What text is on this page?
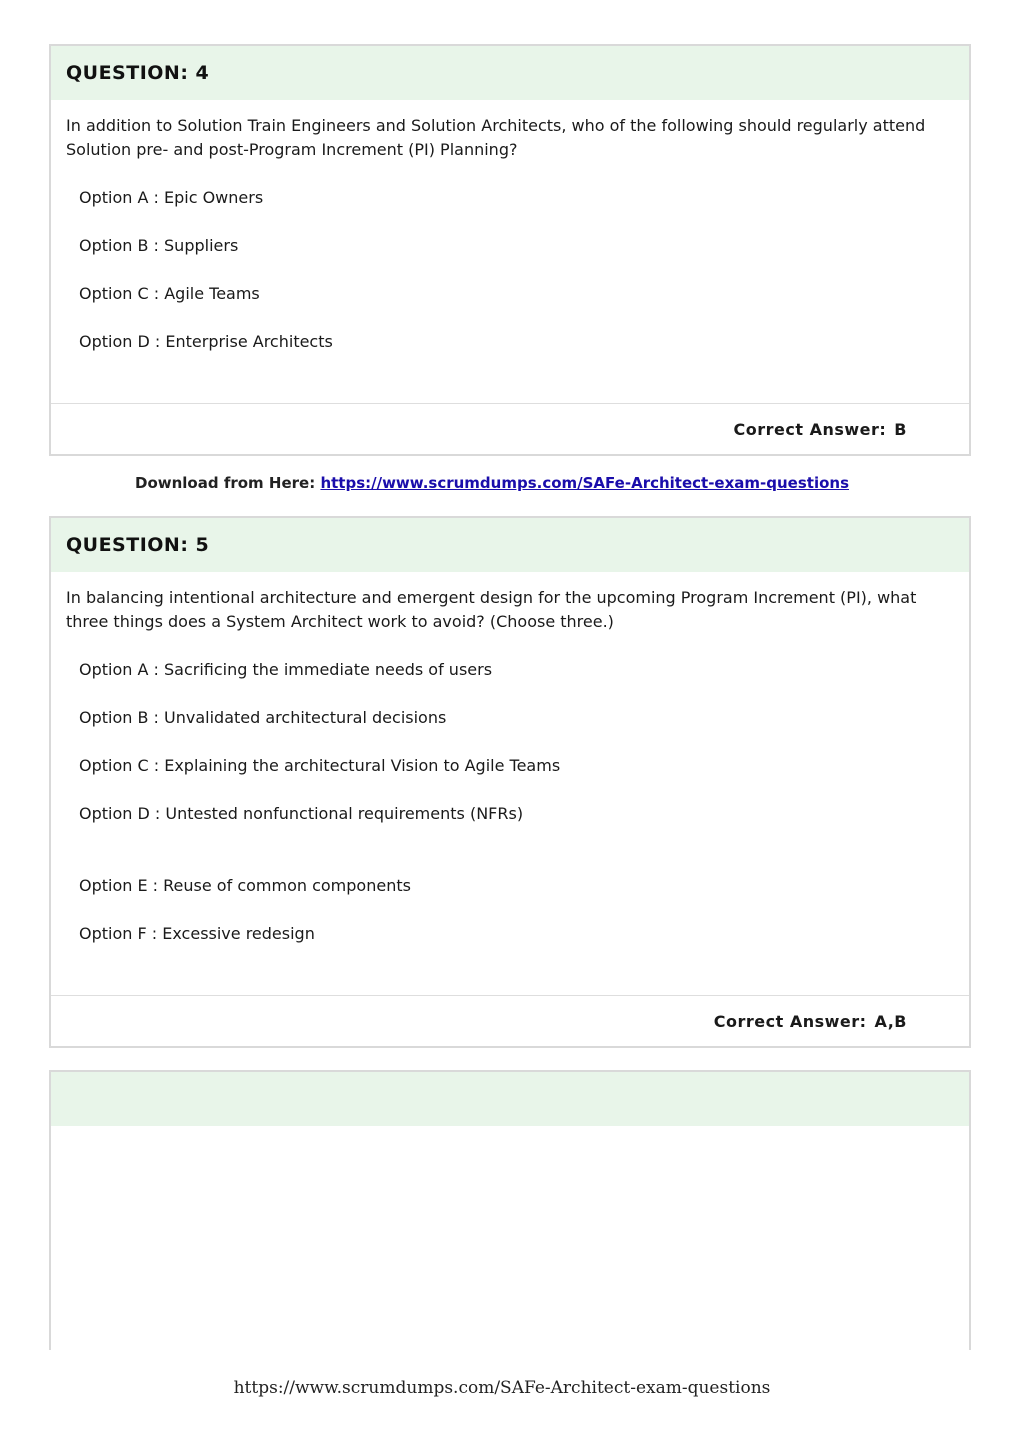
QUESTION: 4

In addition to Solution Train Engineers and Solution Architects, who of the following should regularly attend Solution pre- and post-Program Increment (PI) Planning?

Option A : Epic Owners
Option B : Suppliers
Option C : Agile Teams
Option D : Enterprise Architects
Correct Answer: B
Download from Here: https://www.scrumdumps.com/SAFe-Architect-exam-questions
QUESTION: 5

In balancing intentional architecture and emergent design for the upcoming Program Increment (PI), what three things does a System Architect work to avoid? (Choose three.)

Option A : Sacrificing the immediate needs of users
Option B : Unvalidated architectural decisions
Option C : Explaining the architectural Vision to Agile Teams
Option D : Untested nonfunctional requirements (NFRs)
Option E : Reuse of common components
Option F : Excessive redesign
Correct Answer: A,B
https://www.scrumdumps.com/SAFe-Architect-exam-questions
